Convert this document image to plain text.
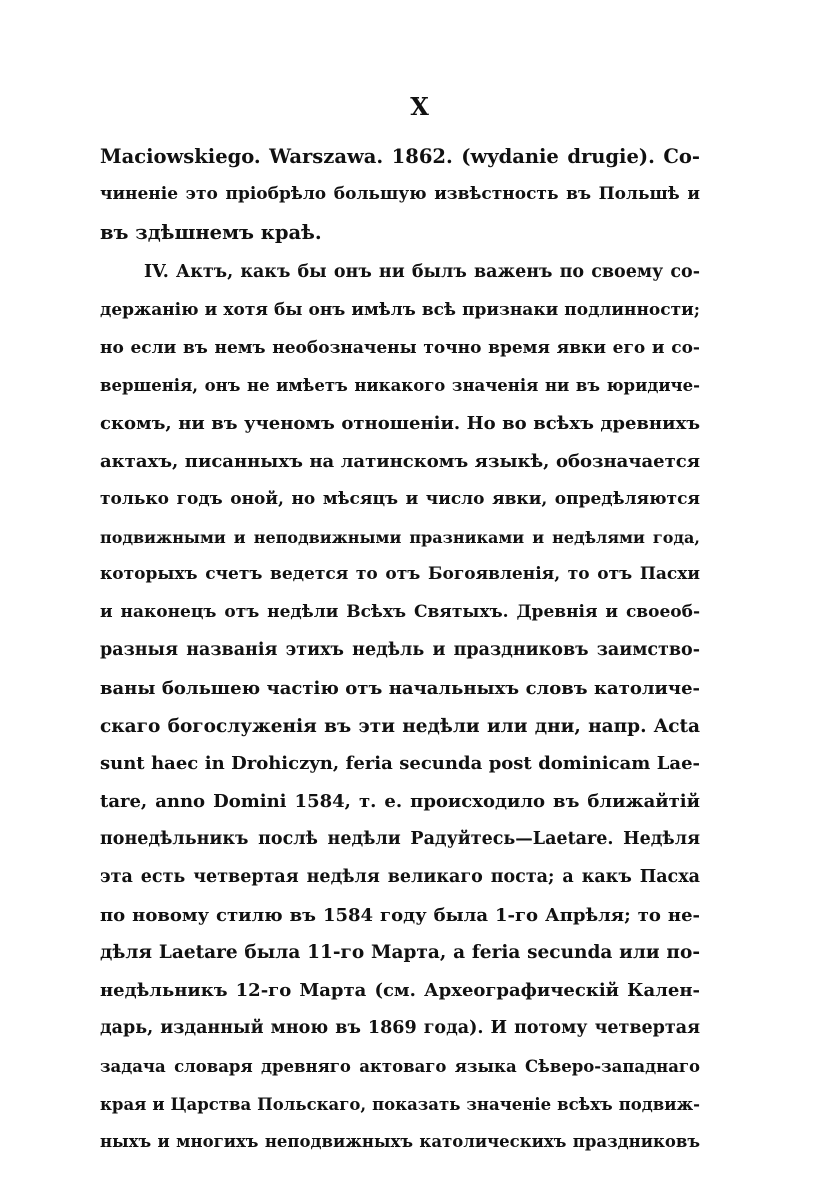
X
Maciowskiego. Warszawa. 1862. (wydanie drugie). Со-
чиненіе это пріобрѣло большую извѣстность въ Польшѣ и
въ здѣшнемъ краѣ.
IV. Актъ, какъ бы онъ ни былъ важенъ по своему со-
держанію и хотя бы онъ имѣлъ всѣ признаки подлинности;
но если въ немъ необозначены точно время явки его и со-
вершенія, онъ не имѣетъ никакого значенія ни въ юридиче-
скомъ, ни въ ученомъ отношеніи. Но во всѣхъ древнихъ
актахъ, писанныхъ на латинскомъ языкѣ, обозначается
только годъ оной, но мѣсяцъ и число явки, опредѣляются
подвижными и неподвижными празниками и недѣлями года,
которыхъ счетъ ведется то отъ Богоявленія, то отъ Пасхи
и наконецъ отъ недѣли Всѣхъ Святыхъ. Древнія и своеоб-
разныя названія этихъ недѣль и праздниковъ заимство-
ваны большею частію отъ начальныхъ словъ католиче-
скаго богослуженія въ эти недѣли или дни, напр. Acta
sunt haec in Drohiczyn, feria secunda post dominicam Lae-
tare, anno Domini 1584, т. е. происходило въ ближайтій
понедѣльникъ послѣ недѣли Радуйтесь—Laetare. Недѣля
эта есть четвертая недѣля великаго поста; а какъ Пасха
по новому стилю въ 1584 году была 1-го Апрѣля; то не-
дѣля Laetare была 11-го Марта, а feria secunda или по-
недѣльникъ 12-го Марта (см. Археографическій Кален-
дарь, изданный мною въ 1869 года). И потому четвертая
задача словаря древняго актоваго языка Сѣверо-западнаго
края и Царства Польскаго, показать значеніе всѣхъ подвиж-
ныхъ и многихъ неподвижныхъ католическихъ праздниковъ
